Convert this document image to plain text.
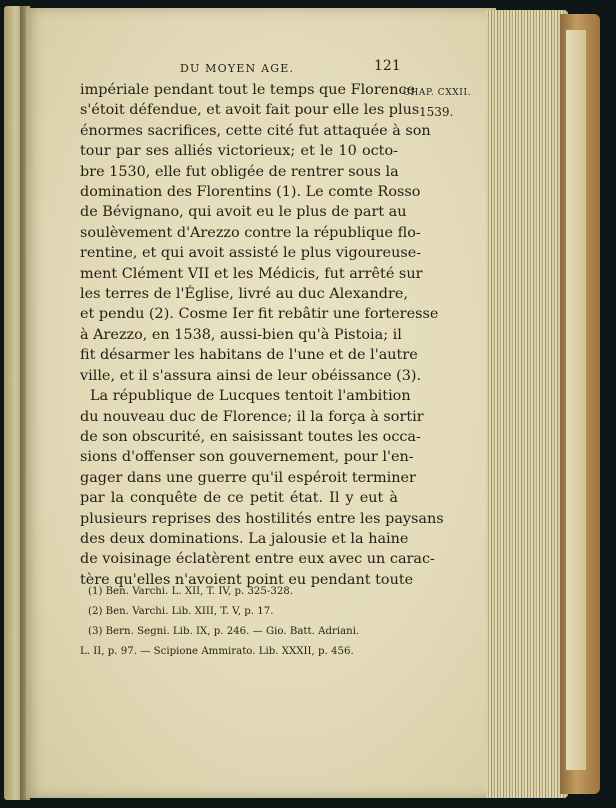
DU MOYEN AGE.	121
CHAP. CXXII.
1539.
impériale pendant tout le temps que Florence
s'étoit défendue, et avoit fait pour elle les plus
énormes sacrifices, cette cité fut attaquée à son
tour par ses alliés victorieux; et le 10 octo-
bre 1530, elle fut obligée de rentrer sous la
domination des Florentins (1). Le comte Rosso
de Bévignano, qui avoit eu le plus de part au
soulèvement d'Arezzo contre la république flo-
rentine, et qui avoit assisté le plus vigoureuse-
ment Clément VII et les Médicis, fut arrêté sur
les terres de l'Église, livré au duc Alexandre,
et pendu (2). Cosme Ier fit rebâtir une forteresse
à Arezzo, en 1538, aussi-bien qu'à Pistoia; il
fit désarmer les habitans de l'une et de l'autre
ville, et il s'assura ainsi de leur obéissance (3).
La république de Lucques tentoit l'ambition
du nouveau duc de Florence; il la força à sortir
de son obscurité, en saisissant toutes les occa-
sions d'offenser son gouvernement, pour l'en-
gager dans une guerre qu'il espéroit terminer
par la conquête de ce petit état. Il y eut à
plusieurs reprises des hostilités entre les paysans
des deux dominations. La jalousie et la haine
de voisinage éclatèrent entre eux avec un carac-
tère qu'elles n'avoient point eu pendant toute
(1) Ben. Varchi. L. XII, T. IV, p. 325-328.
(2) Ben. Varchi. Lib. XIII, T. V, p. 17.
(3) Bern. Segni. Lib. IX, p. 246. — Gio. Batt. Adriani.
L. II, p. 97. — Scipione Ammirato. Lib. XXXII, p. 456.
